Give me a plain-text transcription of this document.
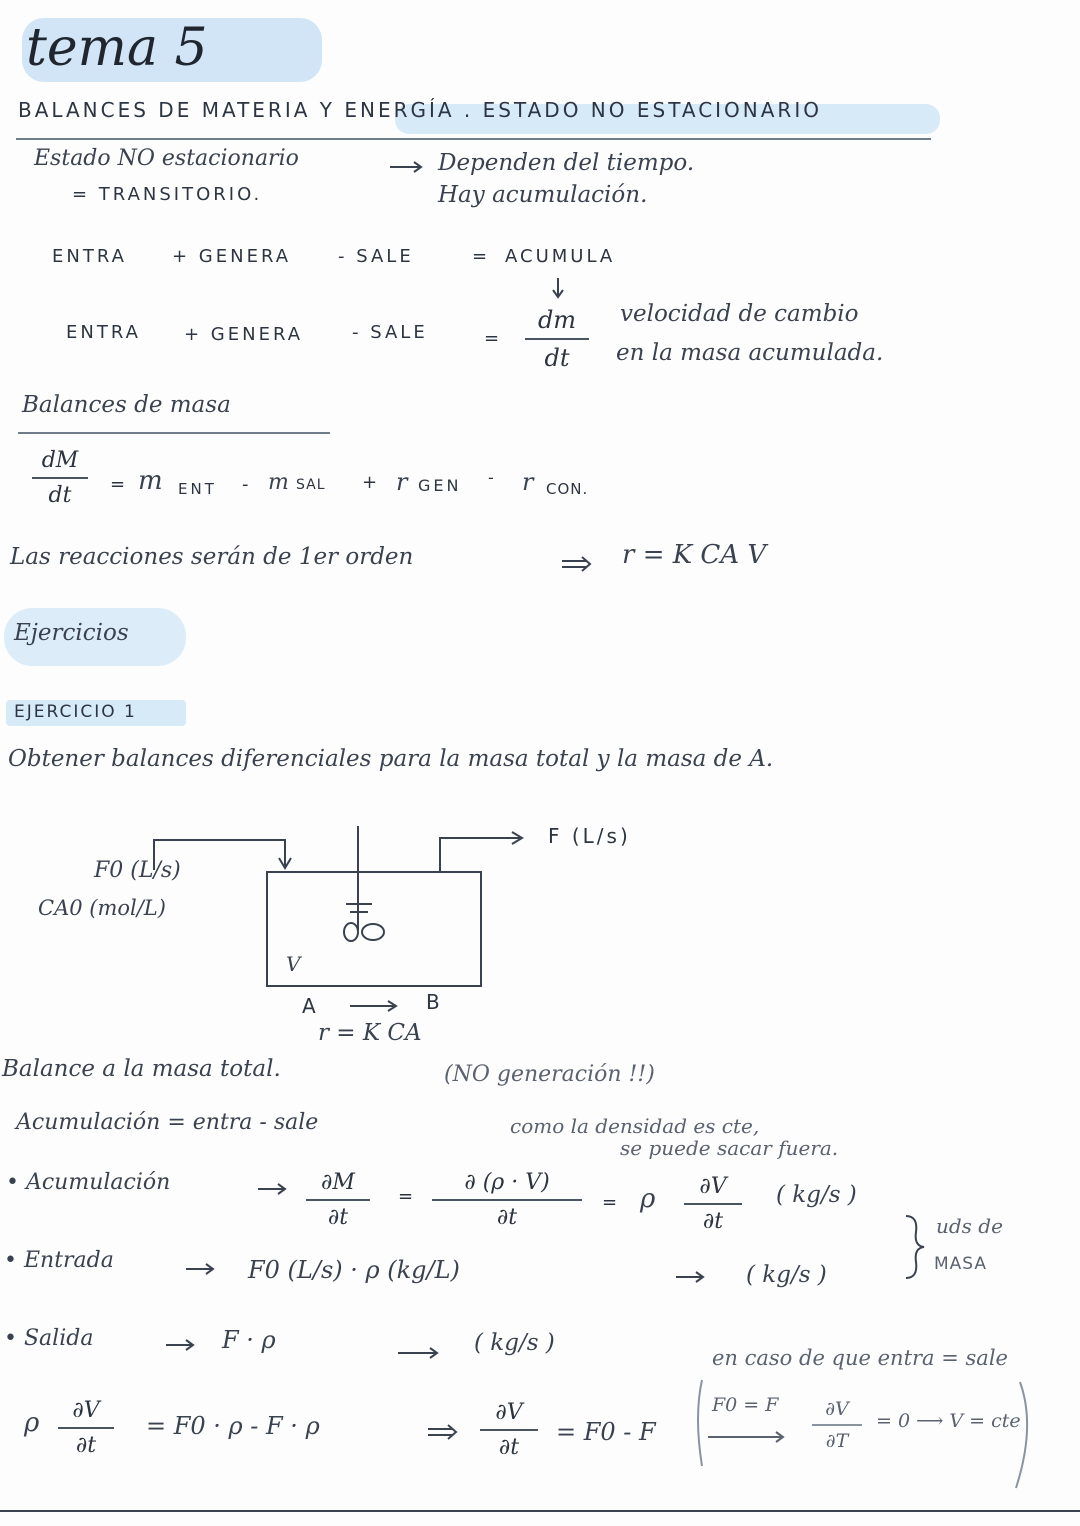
tema 5
BALANCES DE MATERIA Y ENERGÍA . ESTADO NO ESTACIONARIO
Estado NO estacionario	Dependen del tiempo.
= TRANSITORIO.	Hay acumulación.
ENTRA	+ GENERA	- SALE	= ACUMULA
ENTRA + GENERA	- SALE	=
dm
dt
velocidad de cambio
en la masa acumulada.
Balances de masa
dM
dt	= m ENT - m SAL + r GEN - r CON.
Las reacciones serán de 1er orden	r = K CA V
Ejercicios
EJERCICIO 1
Obtener balances diferenciales para la masa total y la masa de A.
F0 (L/s)
CA0 (mol/L)
F (L/s)
V
A	B
r = K CA
Balance a la masa total.	(NO generación !!)
Acumulación = entra - sale	como la densidad es cte,
se puede sacar fuera.
• Acumulación	∂M
∂t
=
∂ (ρ · V)
∂t
= ρ	∂V
∂t
( kg/s )
uds de
MASA
• Entrada	F0 (L/s) · ρ (kg/L)	( kg/s )
• Salida	F · ρ	( kg/s )
en caso de que entra = sale
ρ	∂V
∂t
= F0 · ρ - F · ρ	∂V
∂t
= F0 - F
F0 = F	∂V
∂T
= 0 ⟶ V = cte
